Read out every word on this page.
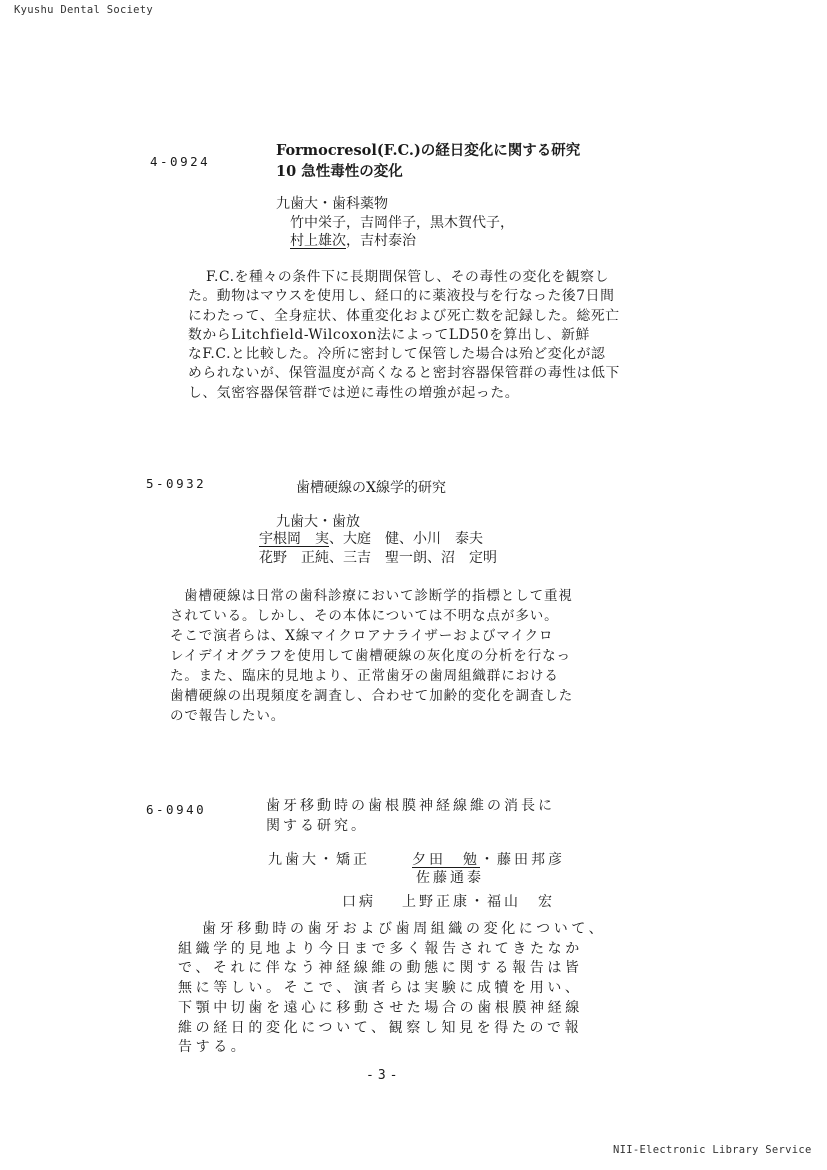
Kyushu Dental Society
4-0924
Formocresol(F.C.)の経日変化に関する研究
10 急性毒性の変化
九歯大・歯科薬物
竹中栄子，吉岡伴子，黒木賀代子，
村上雄次，吉村泰治
F.C.を種々の条件下に長期間保管し、その毒性の変化を観察し
た。動物はマウスを使用し、経口的に薬液投与を行なった後7日間
にわたって、全身症状、体重変化および死亡数を記録した。総死亡
数からLitchfield-Wilcoxon法によってLD50を算出し、新鮮
なF.C.と比較した。冷所に密封して保管した場合は殆ど変化が認
められないが、保管温度が高くなると密封容器保管群の毒性は低下
し、気密容器保管群では逆に毒性の増強が起った。
5-0932	歯槽硬線のX線学的研究
九歯大・歯放
宇根岡　実、大庭　健、小川　泰夫
花野　正純、三吉　聖一朗、沼　定明
歯槽硬線は日常の歯科診療において診断学的指標として重視
されている。しかし、その本体については不明な点が多い。
そこで演者らは、X線マイクロアナライザーおよびマイクロ
レイデイオグラフを使用して歯槽硬線の灰化度の分析を行なっ
た。また、臨床的見地より、正常歯牙の歯周組織群における
歯槽硬線の出現頻度を調査し、合わせて加齢的変化を調査した
ので報告したい。
6-0940	歯牙移動時の歯根膜神経線維の消長に
関する研究。
九歯大・矯正	夕田　勉・藤田邦彦
佐藤通泰
口病 上野正康・福山　宏
歯牙移動時の歯牙および歯周組織の変化について、
組織学的見地より今日まで多く報告されてきたなか
で、それに伴なう神経線維の動態に関する報告は皆
無に等しい。そこで、演者らは実験に成犢を用い、
下顎中切歯を遠心に移動させた場合の歯根膜神経線
維の経日的変化について、観察し知見を得たので報
告する。
-3-
NII-Electronic Library Service
